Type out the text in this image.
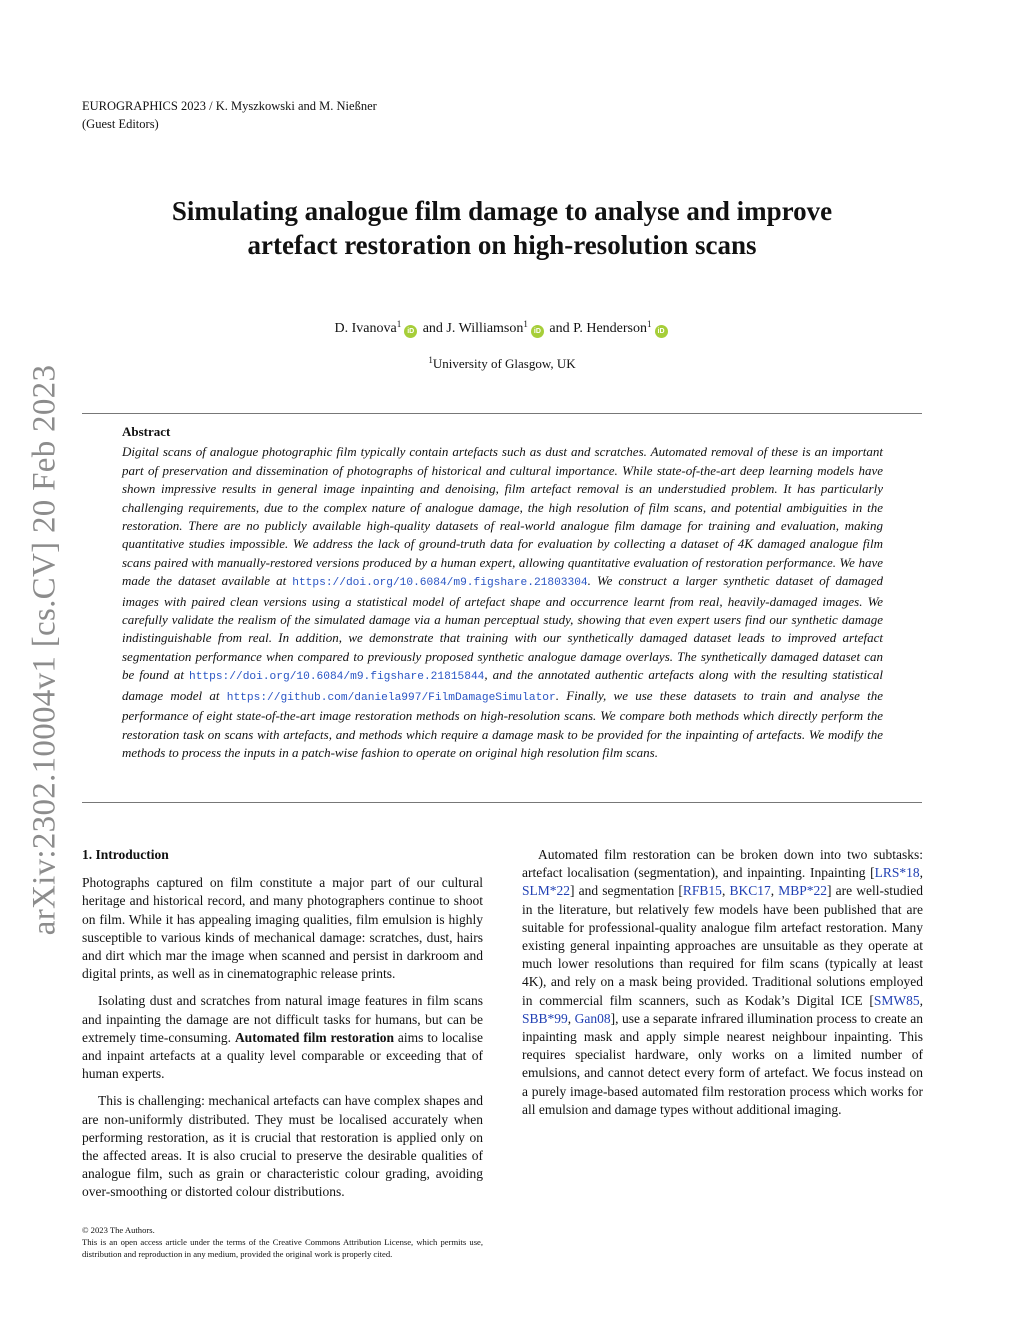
arXiv:2302.10004v1 [cs.CV] 20 Feb 2023
EUROGRAPHICS 2023 / K. Myszkowski and M. Nießner
(Guest Editors)
Simulating analogue film damage to analyse and improve
artefact restoration on high-resolution scans
D. Ivanova$^1$iD and J. Williamson$^1$iD and P. Henderson$^1$iD
$^1$University of Glasgow, UK
Abstract

Digital scans of analogue photographic film typically contain artefacts such as dust and scratches. Automated removal of these is an important part of preservation and dissemination of photographs of historical and cultural importance. While state-of-the-art deep learning models have shown impressive results in general image inpainting and denoising, film artefact removal is an understudied problem. It has particularly challenging requirements, due to the complex nature of analogue damage, the high resolution of film scans, and potential ambiguities in the restoration. There are no publicly available high-quality datasets of real-world analogue film damage for training and evaluation, making quantitative studies impossible. We address the lack of ground-truth data for evaluation by collecting a dataset of 4K damaged analogue film scans paired with manually-restored versions produced by a human expert, allowing quantitative evaluation of restoration performance. We have made the dataset available at https://doi.org/10.6084/m9.figshare.21803304. We construct a larger synthetic dataset of damaged images with paired clean versions using a statistical model of artefact shape and occurrence learnt from real, heavily-damaged images. We carefully validate the realism of the simulated damage via a human perceptual study, showing that even expert users find our synthetic damage indistinguishable from real. In addition, we demonstrate that training with our synthetically damaged dataset leads to improved artefact segmentation performance when compared to previously proposed synthetic analogue damage overlays. The synthetically damaged dataset can be found at https://doi.org/10.6084/m9.figshare.21815844, and the annotated authentic artefacts along with the resulting statistical damage model at https://github.com/daniela997/FilmDamageSimulator. Finally, we use these datasets to train and analyse the performance of eight state-of-the-art image restoration methods on high-resolution scans. We compare both methods which directly perform the restoration task on scans with artefacts, and methods which require a damage mask to be provided for the inpainting of artefacts. We modify the methods to process the inputs in a patch-wise fashion to operate on original high resolution film scans.

1. Introduction

Photographs captured on film constitute a major part of our cultural heritage and historical record, and many photographers continue to shoot on film. While it has appealing imaging qualities, film emulsion is highly susceptible to various kinds of mechanical damage: scratches, dust, hairs and dirt which mar the image when scanned and persist in darkroom and digital prints, as well as in cinematographic release prints.

Isolating dust and scratches from natural image features in film scans and inpainting the damage are not difficult tasks for humans, but can be extremely time-consuming. Automated film restoration aims to localise and inpaint artefacts at a quality level comparable or exceeding that of human experts.

This is challenging: mechanical artefacts can have complex shapes and are non-uniformly distributed. They must be localised accurately when performing restoration, as it is crucial that restoration is applied only on the affected areas. It is also crucial to preserve the desirable qualities of analogue film, such as grain or characteristic colour grading, avoiding over-smoothing or distorted colour distributions.

Automated film restoration can be broken down into two subtasks: artefact localisation (segmentation), and inpainting. Inpainting [LRS*18, SLM*22] and segmentation [RFB15, BKC17, MBP*22] are well-studied in the literature, but relatively few models have been published that are suitable for professional-quality analogue film artefact restoration. Many existing general inpainting approaches are unsuitable as they operate at much lower resolutions than required for film scans (typically at least 4K), and rely on a mask being provided. Traditional solutions employed in commercial film scanners, such as Kodak’s Digital ICE [SMW85, SBB*99, Gan08], use a separate infrared illumination process to create an inpainting mask and apply simple nearest neighbour inpainting. This requires specialist hardware, only works on a limited number of emulsions, and cannot detect every form of artefact. We focus instead on a purely image-based automated film restoration process which works for all emulsion and damage types without additional imaging.

© 2023 The Authors.
This is an open access article under the terms of the Creative Commons Attribution License, which permits use, distribution and reproduction in any medium, provided the original work is properly cited.
